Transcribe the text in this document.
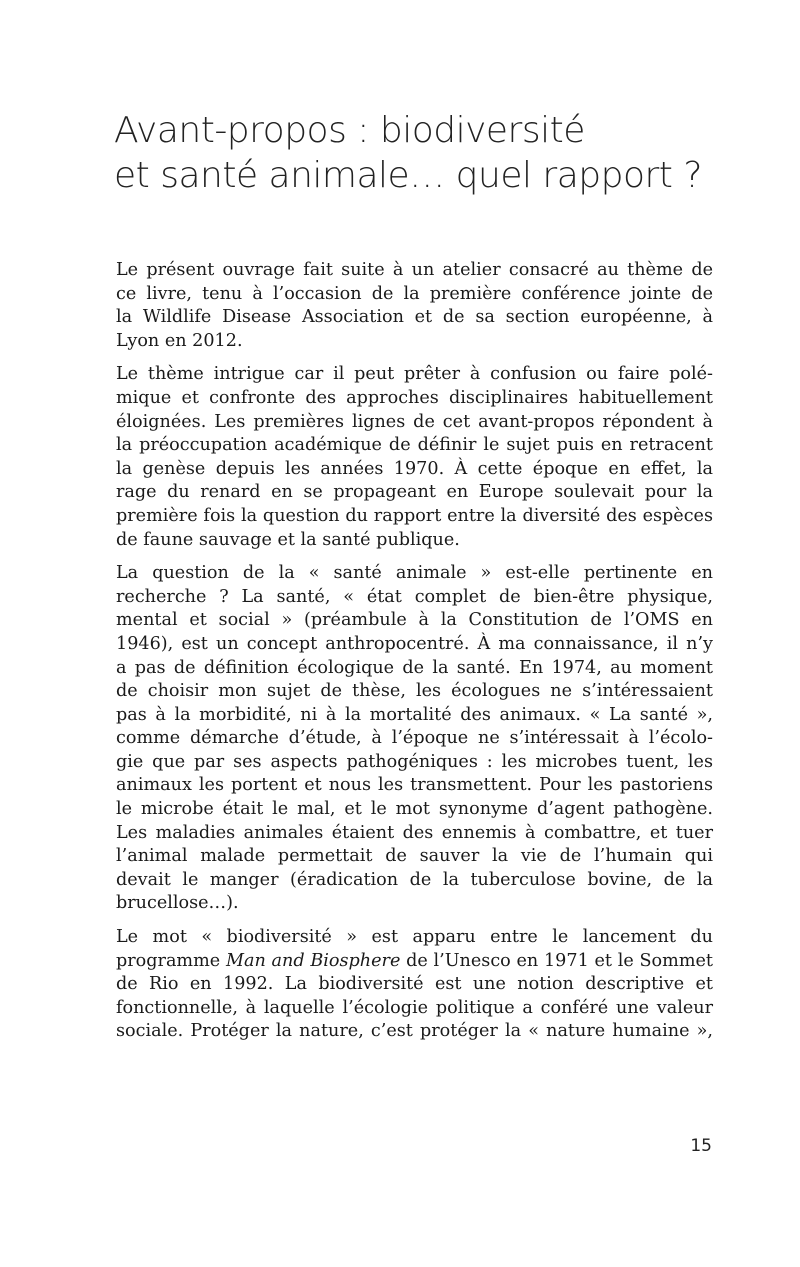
Avant-propos : biodiversité
et santé animale… quel rapport ?
Le présent ouvrage fait suite à un atelier consacré au thème de
ce livre, tenu à l’occasion de la première conférence jointe de
la Wildlife Disease Association et de sa section européenne, à
Lyon en 2012.
Le thème intrigue car il peut prêter à confusion ou faire polé-
mique et confronte des approches disciplinaires habituellement
éloignées. Les premières lignes de cet avant-propos répondent à
la préoccupation académique de définir le sujet puis en retracent
la genèse depuis les années 1970. À cette époque en effet, la
rage du renard en se propageant en Europe soulevait pour la
première fois la question du rapport entre la diversité des espèces
de faune sauvage et la santé publique.
La question de la « santé animale » est-elle pertinente en
recherche ? La santé, « état complet de bien-être physique,
mental et social » (préambule à la Constitution de l’OMS en
1946), est un concept anthropocentré. À ma connaissance, il n’y
a pas de définition écologique de la santé. En 1974, au moment
de choisir mon sujet de thèse, les écologues ne s’intéressaient
pas à la morbidité, ni à la mortalité des animaux. « La santé »,
comme démarche d’étude, à l’époque ne s’intéressait à l’écolo-
gie que par ses aspects pathogéniques : les microbes tuent, les
animaux les portent et nous les transmettent. Pour les pastoriens
le microbe était le mal, et le mot synonyme d’agent pathogène.
Les maladies animales étaient des ennemis à combattre, et tuer
l’animal malade permettait de sauver la vie de l’humain qui
devait le manger (éradication de la tuberculose bovine, de la
brucellose…).
Le mot « biodiversité » est apparu entre le lancement du
programme Man and Biosphere de l’Unesco en 1971 et le Sommet
de Rio en 1992. La biodiversité est une notion descriptive et
fonctionnelle, à laquelle l’écologie politique a conféré une valeur
sociale. Protéger la nature, c’est protéger la « nature humaine »,
15
